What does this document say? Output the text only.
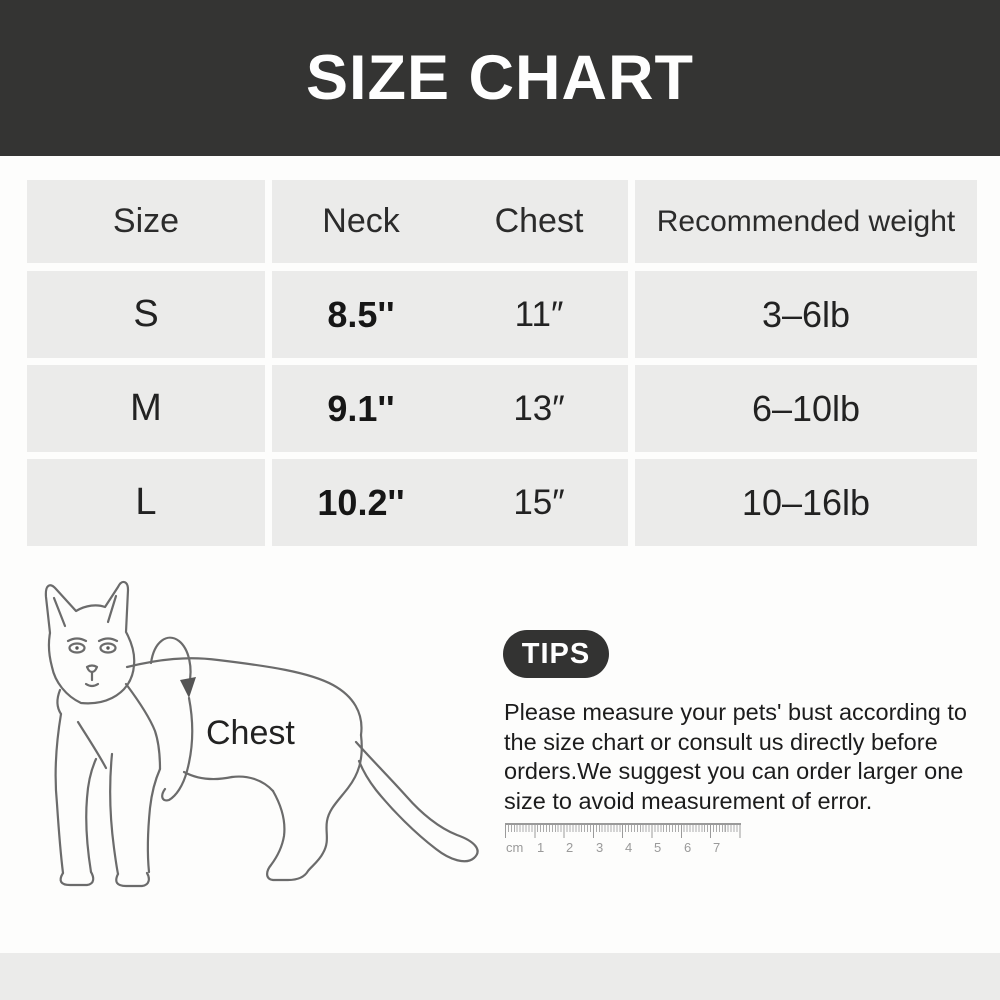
SIZE CHART
Size	Neck	Chest	Recommended weight
S	8.5''	11″	3–6lb
M	9.1''	13″	6–10lb
L	10.2''	15″	10–16lb
Chest
TIPS
Please measure your pets' bust according to
the size chart or consult us directly before
orders.We suggest you can order larger one
size to avoid measurement of error.
cm 1 2 3 4 5 6 7
